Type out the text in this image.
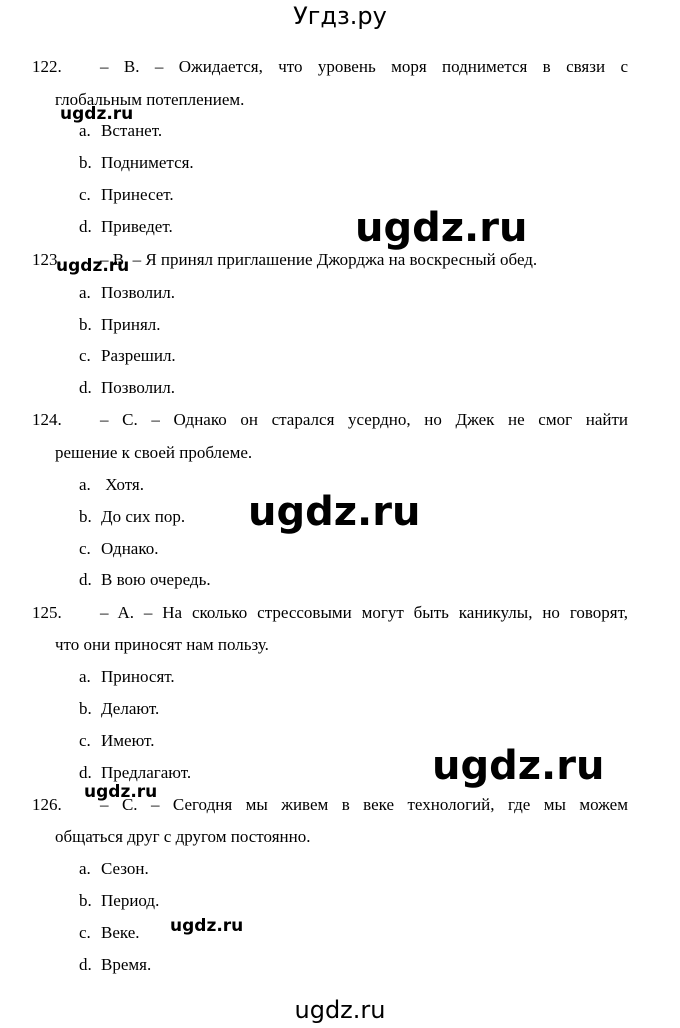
Угдз.ру
122. – B. – Ожидается, что уровень моря поднимется в связи с
глобальным потеплением.
a. Встанет.
b. Поднимется.
c. Принесет.
d. Приведет.
123. – B. – Я принял приглашение Джорджа на воскресный обед.
a. Позволил.
b. Принял.
c. Разрешил.
d. Позволил.
124. – C. – Однако он старался усердно, но Джек не смог найти
решение к своей проблеме.
a. Хотя.
b. До сих пор.
c. Однако.
d. В вою очередь.
125. – A. – На сколько стрессовыми могут быть каникулы, но говорят,
что они приносят нам пользу.
a. Приносят.
b. Делают.
c. Имеют.
d. Предлагают.
126. – C. – Сегодня мы живем в веке технологий, где мы можем
общаться друг с другом постоянно.
a. Сезон.
b. Период.
c. Веке.
d. Время.
ugdz.ru
ugdz.ru
ugdz.ru
ugdz.ru
ugdz.ru
ugdz.ru
ugdz.ru
ugdz.ru
